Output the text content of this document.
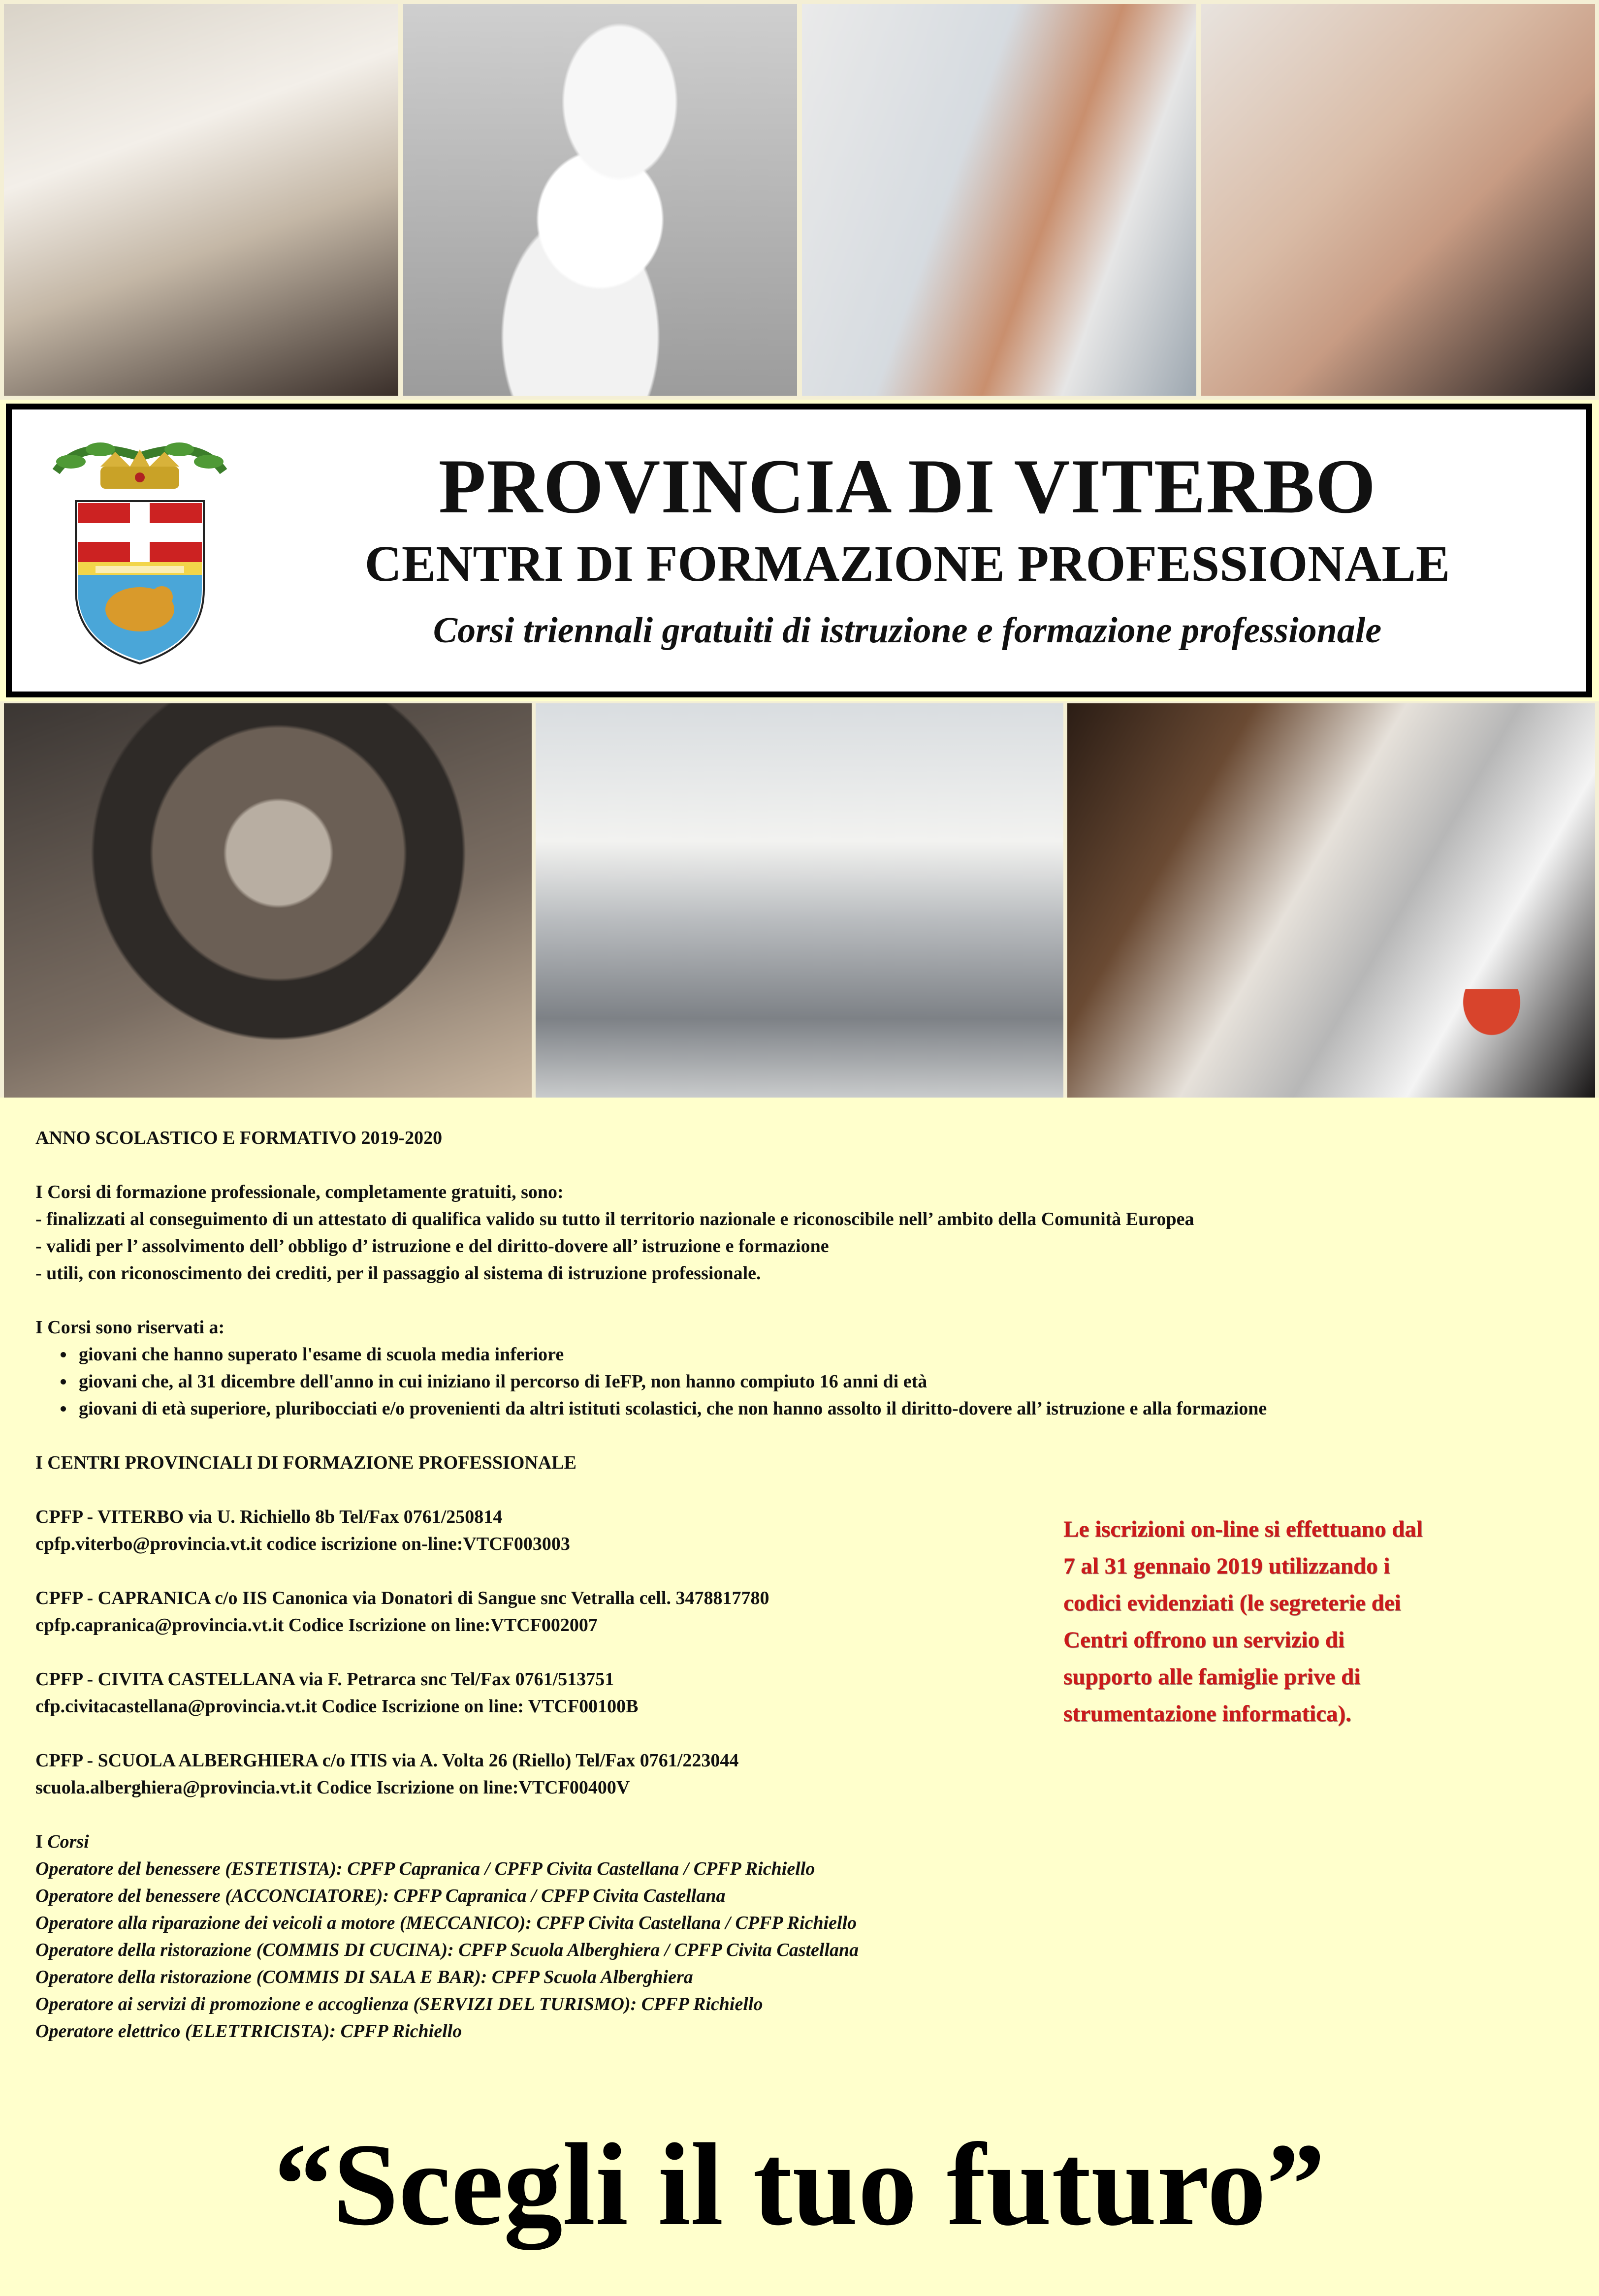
PROVINCIA DI VITERBO

CENTRI DI FORMAZIONE PROFESSIONALE

Corsi triennali gratuiti di istruzione e formazione professionale

ANNO SCOLASTICO E FORMATIVO 2019-2020

I Corsi di formazione professionale, completamente gratuiti, sono:

- finalizzati al conseguimento di un attestato di qualifica valido su tutto il territorio nazionale e riconoscibile nell’ ambito della Comunità Europea

- validi per l’ assolvimento dell’ obbligo d’ istruzione e del diritto-dovere all’ istruzione e formazione

- utili, con riconoscimento dei crediti, per il passaggio al sistema di istruzione professionale.

I Corsi sono riservati a:

• giovani che hanno superato l'esame di scuola media inferiore
• giovani che, al 31 dicembre dell'anno in cui iniziano il percorso di IeFP, non hanno compiuto 16 anni di età
• giovani di età superiore, pluribocciati e/o provenienti da altri istituti scolastici, che non hanno assolto il diritto-dovere all’ istruzione e alla formazione

I CENTRI PROVINCIALI DI FORMAZIONE PROFESSIONALE

CPFP - VITERBO via U. Richiello 8b Tel/Fax 0761/250814

cpfp.viterbo@provincia.vt.it codice iscrizione on-line:VTCF003003

CPFP - CAPRANICA c/o IIS Canonica via Donatori di Sangue snc Vetralla cell. 3478817780

cpfp.capranica@provincia.vt.it Codice Iscrizione on line:VTCF002007

CPFP - CIVITA CASTELLANA via F. Petrarca snc Tel/Fax 0761/513751

cfp.civitacastellana@provincia.vt.it Codice Iscrizione on line: VTCF00100B

CPFP - SCUOLA ALBERGHIERA c/o ITIS via A. Volta 26 (Riello) Tel/Fax 0761/223044

scuola.alberghiera@provincia.vt.it Codice Iscrizione on line:VTCF00400V

I Corsi

Operatore del benessere (ESTETISTA): CPFP Capranica / CPFP Civita Castellana / CPFP Richiello

Operatore del benessere (ACCONCIATORE): CPFP Capranica / CPFP Civita Castellana

Operatore alla riparazione dei veicoli a motore (MECCANICO): CPFP Civita Castellana / CPFP Richiello

Operatore della ristorazione (COMMIS DI CUCINA): CPFP Scuola Alberghiera / CPFP Civita Castellana

Operatore della ristorazione (COMMIS DI SALA E BAR): CPFP Scuola Alberghiera

Operatore ai servizi di promozione e accoglienza (SERVIZI DEL TURISMO): CPFP Richiello

Operatore elettrico (ELETTRICISTA): CPFP Richiello

Le iscrizioni on-line si effettuano dal 7 al 31 gennaio 2019 utilizzando i codici evidenziati (le segreterie dei Centri offrono un servizio di supporto alle famiglie prive di strumentazione informatica).
“Scegli il tuo futuro”
